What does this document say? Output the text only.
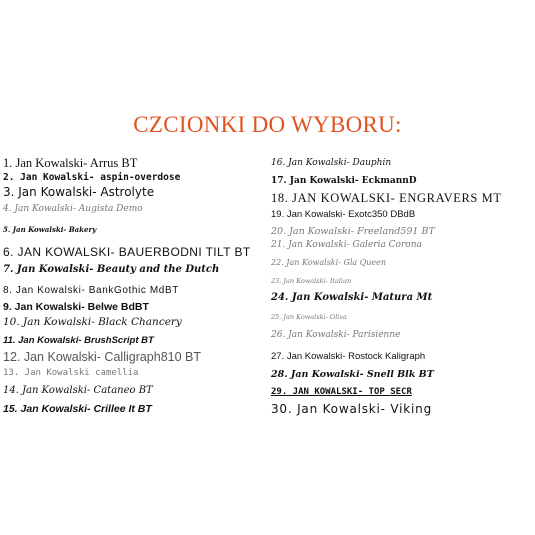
CZCIONKI DO WYBORU:
1. Jan Kowalski- Arrus BT
2. Jan Kowalski- aspin-overdose
3. Jan Kowalski- Astrolyte
4. Jan Kowalski- Augista Demo
5. Jan Kowalski- Bakery
6. JAN KOWALSKI- BAUERBODNI TILT BT
7. Jan Kowalski- Beauty and the Dutch
8. Jan Kowalski- BankGothic MdBT
9. Jan Kowalski- Belwe BdBT
10. Jan Kowalski- Black Chancery
11. Jan Kowalski- BrushScript BT
12. Jan Kowalski- Calligraph810 BT
13. Jan Kowalski camellia
14. Jan Kowalski- Cataneo BT
15. Jan Kowalski- Crillee It BT
16. Jan Kowalski- Dauphin
17. Jan Kowalski- EckmannD
18. JAN KOWALSKI- ENGRAVERS MT
19. Jan Kowalski- Exotc350 DBdB
20. Jan Kowalski- Freeland591 BT
21. Jan Kowalski- Galeria Corona
22. Jan Kowalski- Gla Queen
23. Jan Kowalski- Italian
24. Jan Kowalski- Matura Mt
25. Jan Kowalski- Oliva
26. Jan Kowalski- Parisienne
27. Jan Kowalski- Rostock Kaligraph
28. Jan Kowalski- Snell Blk BT
29. JAN KOWALSKI- TOP SECR
30. Jan Kowalski- Viking
